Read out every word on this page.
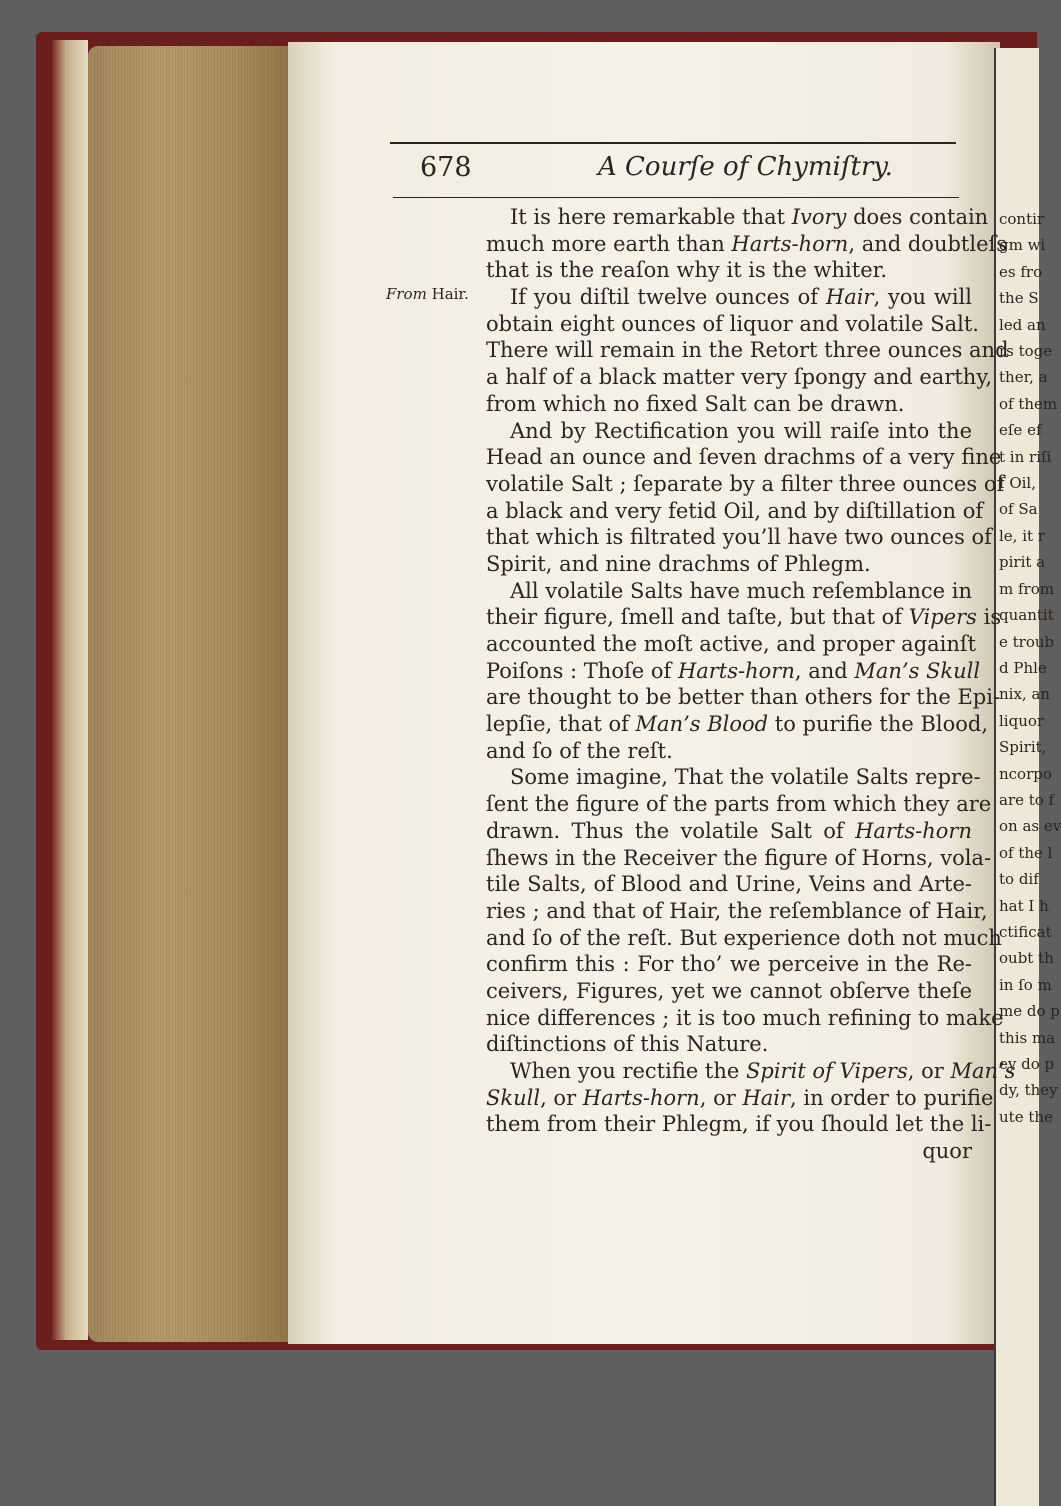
contir
gm wi
es fro
the S
led an
rs toge
ther, a
of them
eſe ef
t in riſi
f Oil,
of Sa
le, it r
pirit a
m from
quantit
e troub
d Phle
nix, an
liquor
Spirit,
ncorpo
are to f
on as ev
of the l
to dif
hat I h
ctificat
oubt th
in ſo m
me do p
this ma
ey do p
dy, they
ute the
678	A Courſe of Chymiſtry.
From Hair.
It is here remarkable that Ivory does contain
much more earth than Harts-horn, and doubtleſs
that is the reaſon why it is the whiter.
If you diſtil twelve ounces of Hair, you will
obtain eight ounces of liquor and volatile Salt.
There will remain in the Retort three ounces and
a half of a black matter very ſpongy and earthy,
from which no fixed Salt can be drawn.
And by Rectification you will raiſe into the
Head an ounce and ſeven drachms of a very fine
volatile Salt ; ſeparate by a filter three ounces of
a black and very fetid Oil, and by diſtillation of
that which is filtrated you’ll have two ounces of
Spirit, and nine drachms of Phlegm.
All volatile Salts have much reſemblance in
their figure, ſmell and taſte, but that of Vipers is
accounted the moſt active, and proper againſt
Poiſons : Thoſe of Harts-horn, and Man’s Skull
are thought to be better than others for the Epi-
lepſie, that of Man’s Blood to purifie the Blood,
and ſo of the reſt.
Some imagine, That the volatile Salts repre-
ſent the figure of the parts from which they are
drawn. Thus the volatile Salt of Harts-horn
ſhews in the Receiver the figure of Horns, vola-
tile Salts, of Blood and Urine, Veins and Arte-
ries ; and that of Hair, the reſemblance of Hair,
and ſo of the reſt. But experience doth not much
confirm this : For tho’ we perceive in the Re-
ceivers, Figures, yet we cannot obſerve theſe
nice differences ; it is too much refining to make
diſtinctions of this Nature.
When you rectifie the Spirit of Vipers, or Man’s
Skull, or Harts-horn, or Hair, in order to purifie
them from their Phlegm, if you ſhould let the li-
quor
